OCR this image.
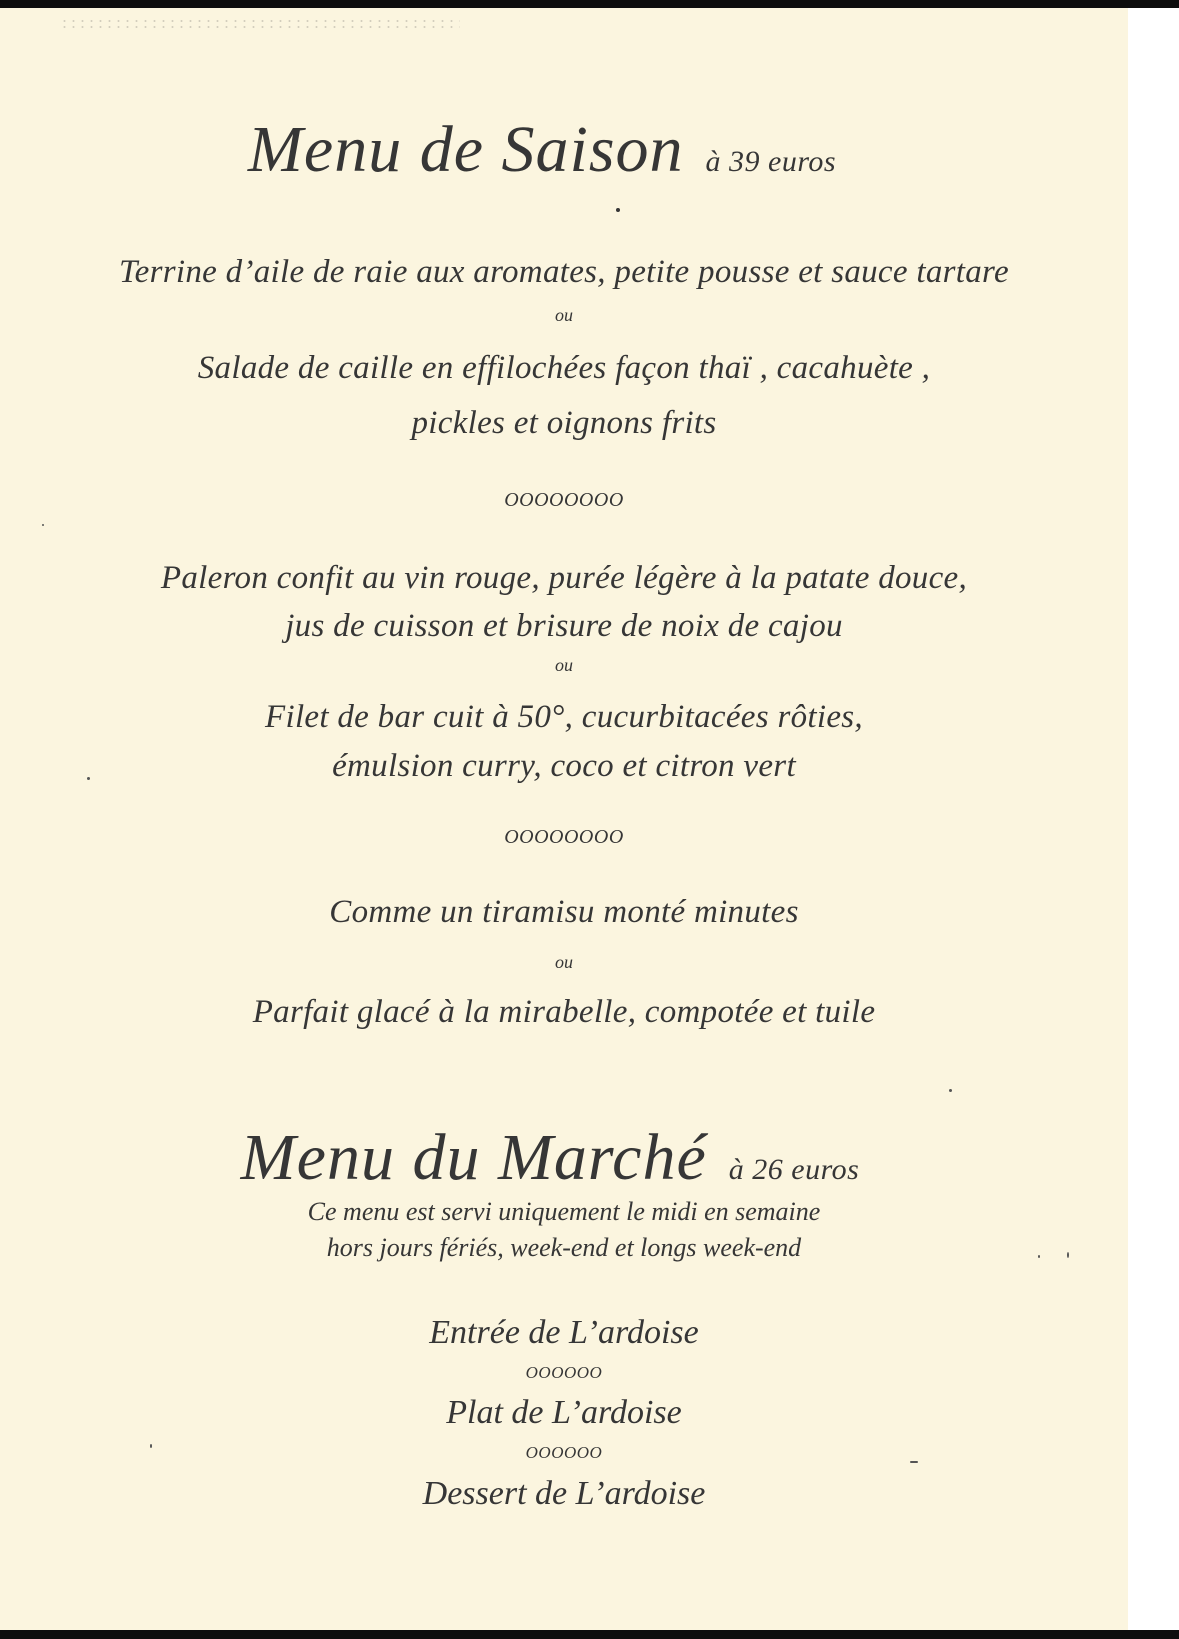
Menu de Saison à 39 euros
Terrine d’aile de raie aux aromates, petite pousse et sauce tartare
ou
Salade de caille en effilochées façon thaï , cacahuète ,
pickles et oignons frits
OOOOOOOO
Paleron confit au vin rouge, purée légère à la patate douce,
jus de cuisson et brisure de noix de cajou
ou
Filet de bar cuit à 50°, cucurbitacées rôties,
émulsion curry, coco et citron vert
OOOOOOOO
Comme un tiramisu monté minutes
ou
Parfait glacé à la mirabelle, compotée et tuile
Menu du Marché à 26 euros
Ce menu est servi uniquement le midi en semaine
hors jours fériés, week-end et longs week-end
Entrée de L’ardoise
OOOOOO
Plat de L’ardoise
OOOOOO
Dessert de L’ardoise
